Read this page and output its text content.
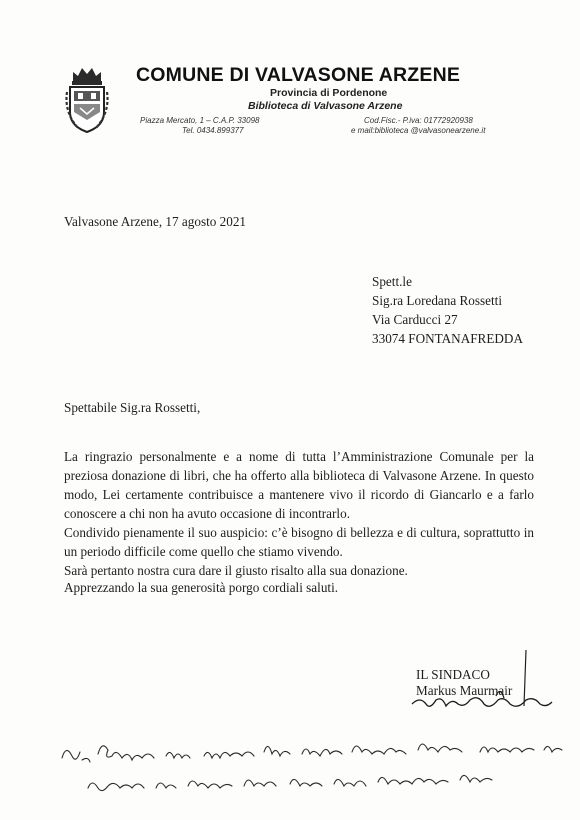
COMUNE DI VALVASONE ARZENE
Provincia di Pordenone
Biblioteca di Valvasone Arzene
Piazza Mercato, 1 – C.A.P. 33098
Tel. 0434.899377
Cod.Fisc.- P.iva: 01772920938
e mail:biblioteca @valvasonearzene.it
Valvasone Arzene, 17 agosto 2021
Spett.le
Sig.ra Loredana Rossetti
Via Carducci 27
33074 FONTANAFREDDA
Spettabile Sig.ra Rossetti,

La ringrazio personalmente e a nome di tutta l’Amministrazione Comunale per la preziosa donazione di libri, che ha offerto alla biblioteca di Valvasone Arzene. In questo modo, Lei certamente contribuisce a mantenere vivo il ricordo di Giancarlo e a farlo conoscere a chi non ha avuto occasione di incontrarlo.

Condivido pienamente il suo auspicio: c’è bisogno di bellezza e di cultura, soprattutto in un periodo difficile come quello che stiamo vivendo.

Sarà pertanto nostra cura dare il giusto risalto alla sua donazione.

Apprezzando la sua generosità porgo cordiali saluti.
IL SINDACO
Markus Maurmair
